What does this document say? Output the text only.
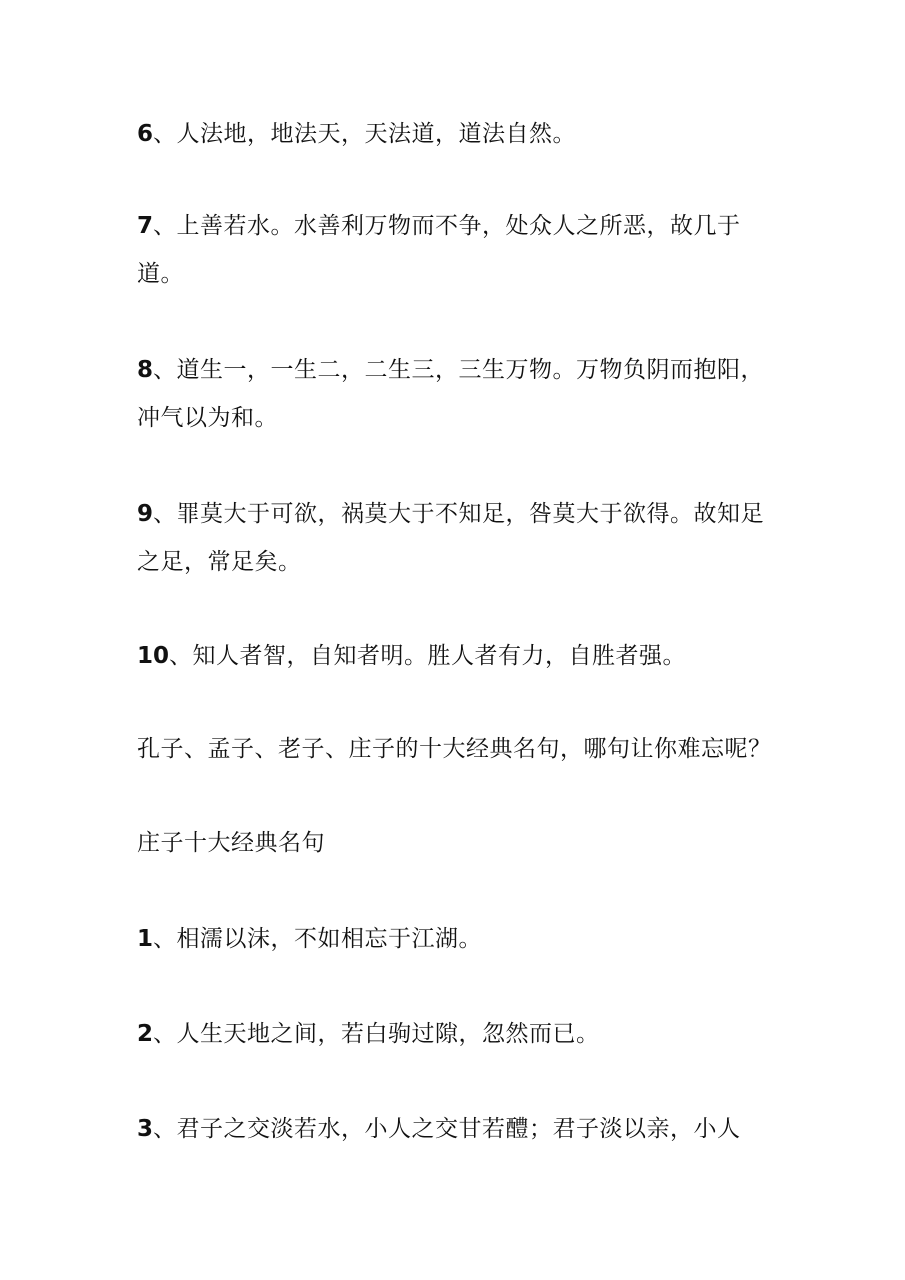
6、人法地，地法天，天法道，道法自然。

7、上善若水。水善利万物而不争，处众人之所恶，故几于道。

8、道生一，一生二，二生三，三生万物。万物负阴而抱阳，冲气以为和。

9、罪莫大于可欲，祸莫大于不知足，咎莫大于欲得。故知足之足，常足矣。

10、知人者智，自知者明。胜人者有力，自胜者强。

孔子、孟子、老子、庄子的十大经典名句，哪句让你难忘呢？

庄子十大经典名句

1、相濡以沫，不如相忘于江湖。

2、人生天地之间，若白驹过隙，忽然而已。

3、君子之交淡若水，小人之交甘若醴；君子淡以亲，小人
